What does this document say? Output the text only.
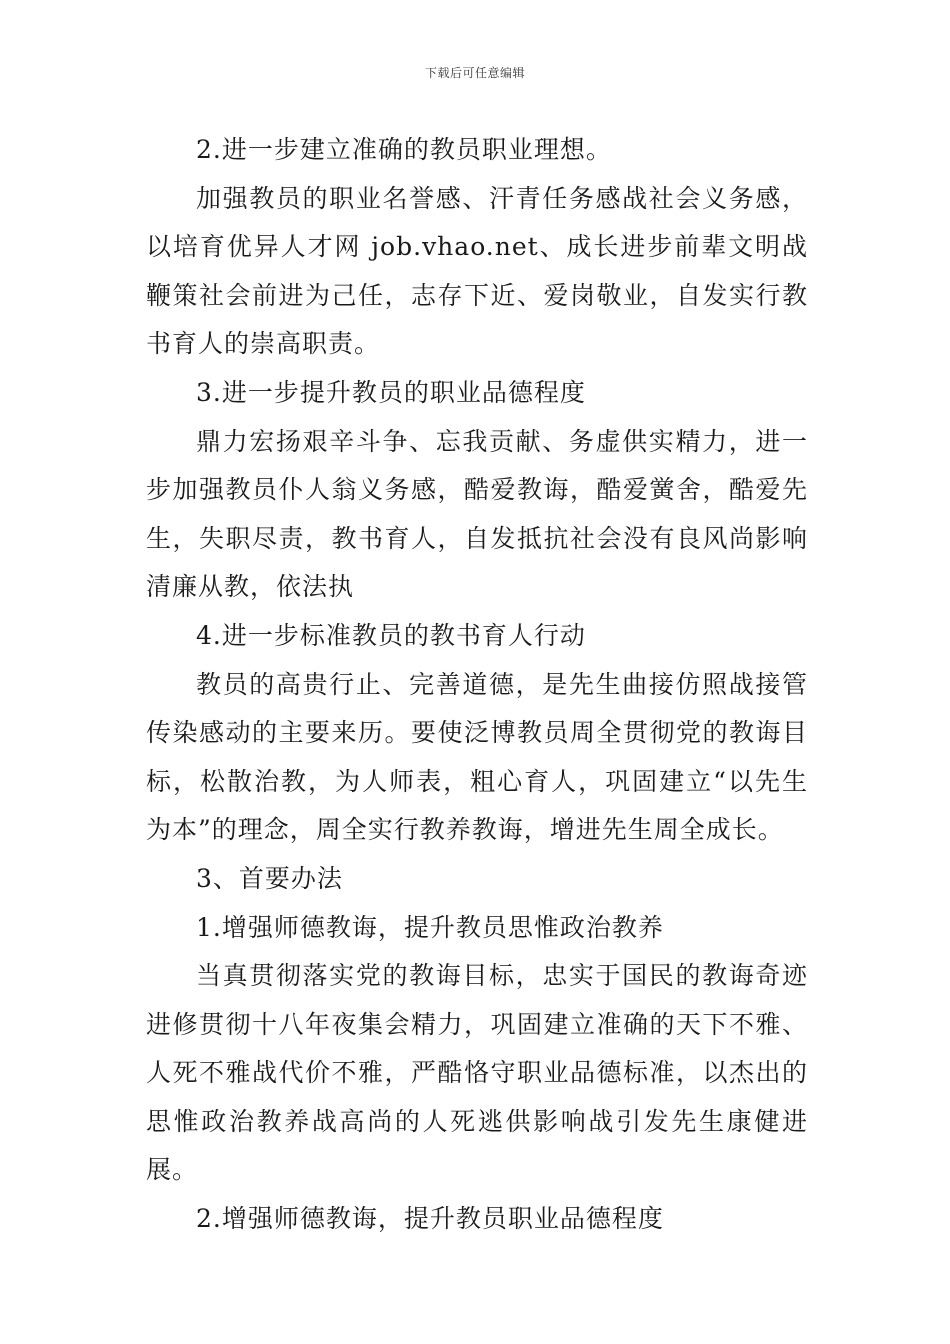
下载后可任意编辑

2.进一步建立准确的教员职业理想。

加强教员的职业名誉感、汗青任务感战社会义务感，以培育优异人才网 job.vhao.net、成长进步前辈文明战鞭策社会前进为己任，志存下近、爱岗敬业，自发实行教书育人的崇高职责。

3.进一步提升教员的职业品德程度

鼎力宏扬艰辛斗争、忘我贡献、务虚供实精力，进一步加强教员仆人翁义务感，酷爱教诲，酷爱黉舍，酷爱先生，失职尽责，教书育人，自发抵抗社会没有良风尚影响清廉从教，依法执

4.进一步标准教员的教书育人行动

教员的高贵行止、完善道德，是先生曲接仿照战接管传染感动的主要来历。要使泛博教员周全贯彻党的教诲目标，松散治教，为人师表，粗心育人，巩固建立“以先生为本”的理念，周全实行教养教诲，增进先生周全成长。

3、首要办法

1.增强师德教诲，提升教员思惟政治教养

当真贯彻落实党的教诲目标，忠实于国民的教诲奇迹进修贯彻十八年夜集会精力，巩固建立准确的天下不雅、人死不雅战代价不雅，严酷恪守职业品德标准，以杰出的思惟政治教养战高尚的人死逃供影响战引发先生康健进展。

2.增强师德教诲，提升教员职业品德程度
